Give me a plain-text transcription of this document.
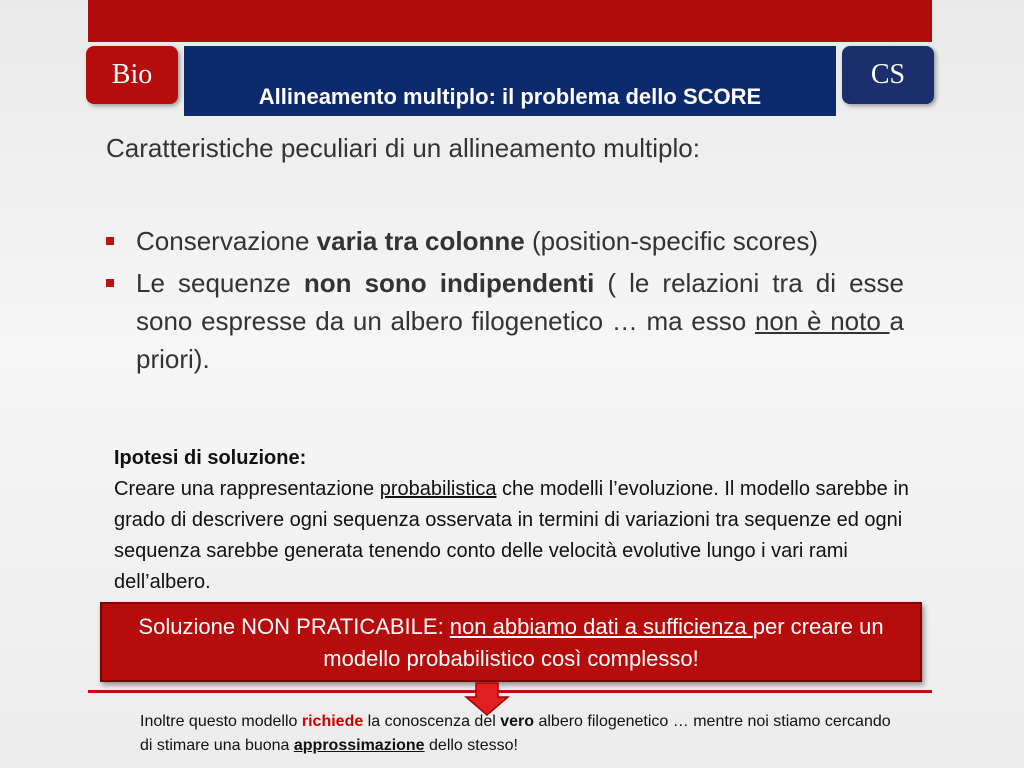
Bio
Allineamento multiplo: il problema dello SCORE
CS
Caratteristiche peculiari di un allineamento multiplo:
Conservazione varia tra colonne (position-specific scores)
Le sequenze non sono indipendenti ( le relazioni tra di esse sono espresse da un albero filogenetico … ma esso non è noto a priori).
Ipotesi di soluzione:
Creare una rappresentazione probabilistica che modelli l’evoluzione. Il modello sarebbe in grado di descrivere ogni sequenza osservata in termini di variazioni tra sequenze ed ogni sequenza sarebbe generata tenendo conto delle velocità evolutive lungo i vari rami dell’albero.
Soluzione NON PRATICABILE: non abbiamo dati a sufficienza per creare un modello probabilistico così complesso!
Inoltre questo modello richiede la conoscenza del vero albero filogenetico … mentre noi stiamo cercando di stimare una buona approssimazione dello stesso!
